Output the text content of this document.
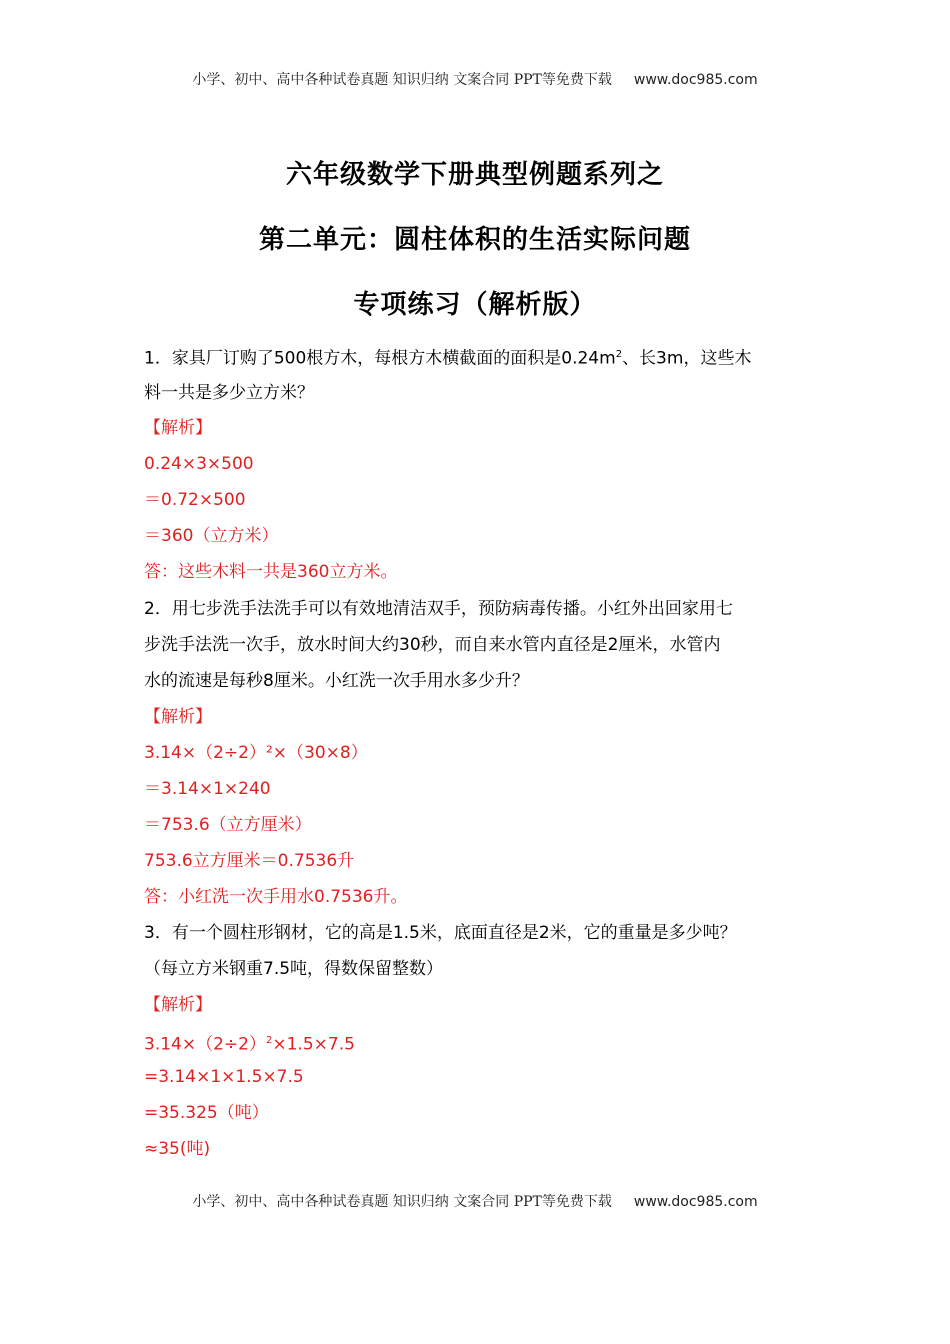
小学、初中、高中各种试卷真题 知识归纳 文案合同 PPT等免费下载 www.doc985.com
六年级数学下册典型例题系列之
第二单元：圆柱体积的生活实际问题
专项练习（解析版）
1．家具厂订购了500根方木，每根方木横截面的面积是$0.24m^2$、长3m，这些木
料一共是多少立方米？
【解析】
0.24×3×500
＝0.72×500
＝360（立方米）
答：这些木料一共是360立方米。
2．用七步洗手法洗手可以有效地清洁双手，预防病毒传播。小红外出回家用七
步洗手法洗一次手，放水时间大约30秒，而自来水管内直径是2厘米，水管内
水的流速是每秒8厘米。小红洗一次手用水多少升？
【解析】
3.14×（2÷2）²×（30×8）
＝3.14×1×240
＝753.6（立方厘米）
753.6立方厘米＝0.7536升
答：小红洗一次手用水0.7536升。
3．有一个圆柱形钢材，它的高是1.5米，底面直径是2米，它的重量是多少吨？
（每立方米钢重7.5吨，得数保留整数）
【解析】
$3.14\times(2\div 2)^2\times 1.5\times 7.5$
=3.14×1×1.5×7.5
=35.325（吨）
≈35(吨)
小学、初中、高中各种试卷真题 知识归纳 文案合同 PPT等免费下载 www.doc985.com
